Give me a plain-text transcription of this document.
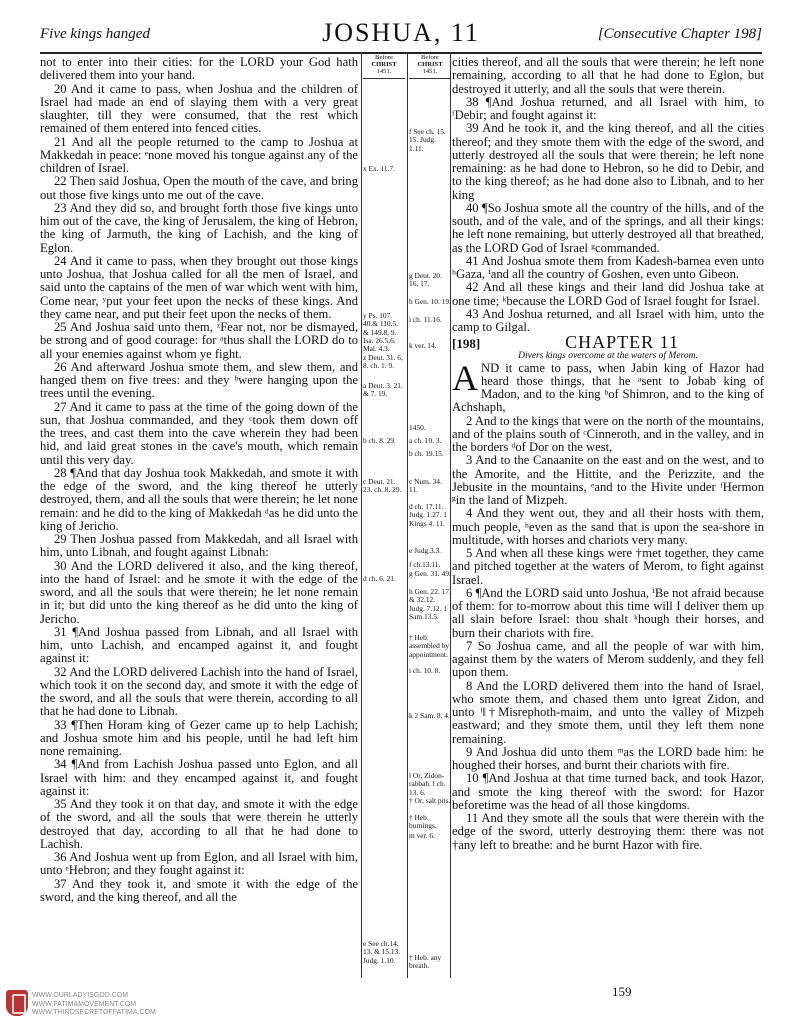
Five kings hanged	JOSHUA, 11	[Consecutive Chapter 198]

not to enter into their cities: for the LORD your God hath delivered them into your hand.

20 And it came to pass, when Joshua and the children of Israel had made an end of slaying them with a very great slaughter, till they were consumed, that the rest which remained of them entered into fenced cities.

21 And all the people returned to the camp to Joshua at Makkedah in peace: ᵉnone moved his tongue against any of the children of Israel.

22 Then said Joshua, Open the mouth of the cave, and bring out those five kings unto me out of the cave.

23 And they did so, and brought forth those five kings unto him out of the cave, the king of Jerusalem, the king of Hebron, the king of Jarmuth, the king of Lachish, and the king of Eglon.

24 And it came to pass, when they brought out those kings unto Joshua, that Joshua called for all the men of Israel, and said unto the captains of the men of war which went with him, Come near, ʸput your feet upon the necks of these kings. And they came near, and put their feet upon the necks of them.

25 And Joshua said unto them, ᶻFear not, nor be dismayed, be strong and of good courage: for ᵃthus shall the LORD do to all your enemies against whom ye fight.

26 And afterward Joshua smote them, and slew them, and hanged them on five trees: and they ᵇwere hanging upon the trees until the evening.

27 And it came to pass at the time of the going down of the sun, that Joshua commanded, and they ᶜtook them down off the trees, and cast them into the cave wherein they had been hid, and laid great stones in the cave's mouth, which remain until this very day.

28 ¶And that day Joshua took Makkedah, and smote it with the edge of the sword, and the king thereof he utterly destroyed, them, and all the souls that were therein; he let none remain: and he did to the king of Makkedah ᵈas he did unto the king of Jericho.

29 Then Joshua passed from Makkedah, and all Israel with him, unto Libnah, and fought against Libnah:

30 And the LORD delivered it also, and the king thereof, into the hand of Israel: and he smote it with the edge of the sword, and all the souls that were therein; he let none remain in it; but did unto the king thereof as he did unto the king of Jericho.

31 ¶And Joshua passed from Libnah, and all Israel with him, unto Lachish, and encamped against it, and fought against it:

32 And the LORD delivered Lachish into the hand of Israel, which took it on the second day, and smote it with the edge of the sword, and all the souls that were therein, according to all that he had done to Libnah.

33 ¶Then Horam king of Gezer came up to help Lachish; and Joshua smote him and his people, until he had left him none remaining.

34 ¶And from Lachish Joshua passed unto Eglon, and all Israel with him: and they encamped against it, and fought against it:

35 And they took it on that day, and smote it with the edge of the sword, and all the souls that were therein he utterly destroyed that day, according to all that he had done to Lachish.

36 And Joshua went up from Eglon, and all Israel with him, unto ᵉHebron; and they fought against it:

37 And they took it, and smote it with the edge of the sword, and the king thereof, and all the

Before
CHRIST
1451.
x Ex. 11.7.
y Ps. 107. 40.& 110.5. & 149.8, 9. Isa. 26.5,6. Mal. 4.3.
z Deut. 31. 6, 8. ch. 1. 9.
a Deut. 3. 21. & 7. 19.
b ch. 8. 29.
c Deut. 21. 23. ch. 8. 29.
d ch. 6. 21.
e See ch.14. 13. & 15.13. Judg. 1.10.
Before
CHRIST
1451.
f See ch. 15. 15. Judg. 1.11.
g Deut. 20. 16, 17.
h Gen. 10. 19.
i ch. 11.16.
k ver. 14.
1450.
a ch. 10. 3.
b ch. 19.15.
c Num. 34. 11.
d ch. 17.11. Judg. 1.27. 1 Kings 4. 11.
e Judg.3.3.
f ch.13.11.
g Gen. 31. 49.
h Gen. 22. 17. & 32.12. Judg. 7.12. 1 Sam.13.5.
† Heb. assembled by appointment.
i ch. 10. 8.
k 2 Sam. 8. 4.
‖ Or, Zidon-rabbah. l ch. 13. 6.
† Or, salt pits.
† Heb. burnings.
m ver. 6.
† Heb. any breath.

cities thereof, and all the souls that were therein; he left none remaining, according to all that he had done to Eglon, but destroyed it utterly, and all the souls that were therein.

38 ¶And Joshua returned, and all Israel with him, to ᶠDebir; and fought against it:

39 And he took it, and the king thereof, and all the cities thereof; and they smote them with the edge of the sword, and utterly destroyed all the souls that were therein; he left none remaining: as he had done to Hebron, so he did to Debir, and to the king thereof; as he had done also to Libnah, and to her king

40 ¶So Joshua smote all the country of the hills, and of the south, and of the vale, and of the springs, and all their kings: he left none remaining, but utterly destroyed all that breathed, as the LORD God of Israel ᵍcommanded.

41 And Joshua smote them from Kadesh-barnea even unto ʰGaza, ⁱand all the country of Goshen, even unto Gibeon.

42 And all these kings and their land did Joshua take at one time; ᵏbecause the LORD God of Israel fought for Israel.

43 And Joshua returned, and all Israel with him, unto the camp to Gilgal.

[198]	CHAPTER 11
Divers kings overcome at the waters of Merom.

AND it came to pass, when Jabin king of Hazor had heard those things, that he ᵃsent to Jobab king of Madon, and to the king ᵇof Shimron, and to the king of Achshaph,

2 And to the kings that were on the north of the mountains, and of the plains south of ᶜCinneroth, and in the valley, and in the borders ᵈof Dor on the west,

3 And to the Canaanite on the east and on the west, and to the Amorite, and the Hittite, and the Perizzite, and the Jebusite in the mountains, ᵉand to the Hivite under ᶠHermon ᵍin the land of Mizpeh.

4 And they went out, they and all their hosts with them, much people, ʰeven as the sand that is upon the sea-shore in multitude, with horses and chariots very many.

5 And when all these kings were †met together, they came and pitched together at the waters of Merom, to fight against Israel.

6 ¶And the LORD said unto Joshua, ⁱBe not afraid because of them: for to-morrow about this time will I deliver them up all slain before Israel: thou shalt ᵏhough their horses, and burn their chariots with fire.

7 So Joshua came, and all the people of war with him, against them by the waters of Merom suddenly, and they fell upon them.

8 And the LORD delivered them into the hand of Israel, who smote them, and chased them unto ‖great Zidon, and unto ˡ‖†Misrephoth-maim, and unto the valley of Mizpeh eastward; and they smote them, until they left them none remaining.

9 And Joshua did unto them ᵐas the LORD bade him: he houghed their horses, and burnt their chariots with fire.

10 ¶And Joshua at that time turned back, and took Hazor, and smote the king thereof with the sword: for Hazor beforetime was the head of all those kingdoms.

11 And they smote all the souls that were therein with the edge of the sword, utterly destroying them: there was not †any left to breathe: and he burnt Hazor with fire.

WWW.OURLADYISGOD.COM
WWW.FATIMAMOVEMENT.COM
WWW.THIRDSECRETOFFATIMA.COM
159
